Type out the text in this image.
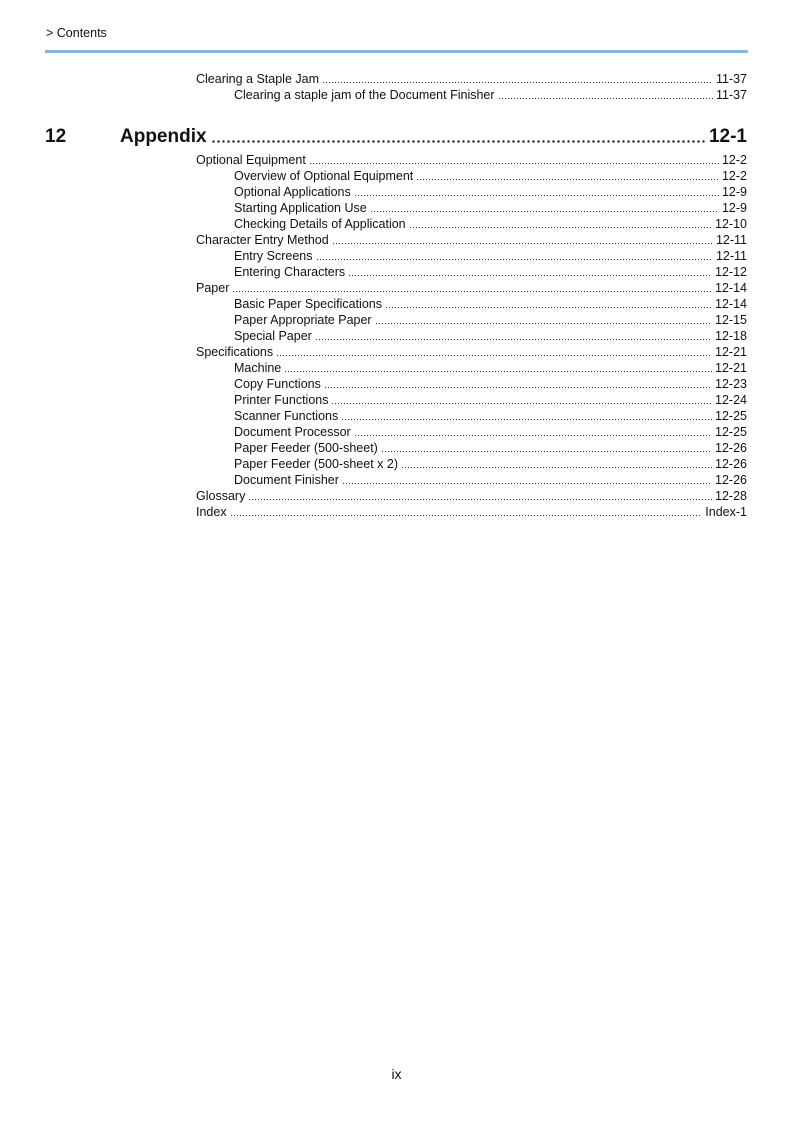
> Contents
Clearing a Staple Jam	11-37
Clearing a staple jam of the Document Finisher	11-37
12	Appendix	12-1
Optional Equipment	12-2
Overview of Optional Equipment	12-2
Optional Applications	12-9
Starting Application Use	12-9
Checking Details of Application	12-10
Character Entry Method	12-11
Entry Screens	12-11
Entering Characters	12-12
Paper	12-14
Basic Paper Specifications	12-14
Paper Appropriate Paper	12-15
Special Paper	12-18
Specifications	12-21
Machine	12-21
Copy Functions	12-23
Printer Functions	12-24
Scanner Functions	12-25
Document Processor	12-25
Paper Feeder (500-sheet)	12-26
Paper Feeder (500-sheet x 2)	12-26
Document Finisher	12-26
Glossary	12-28
Index	Index-1
ix
